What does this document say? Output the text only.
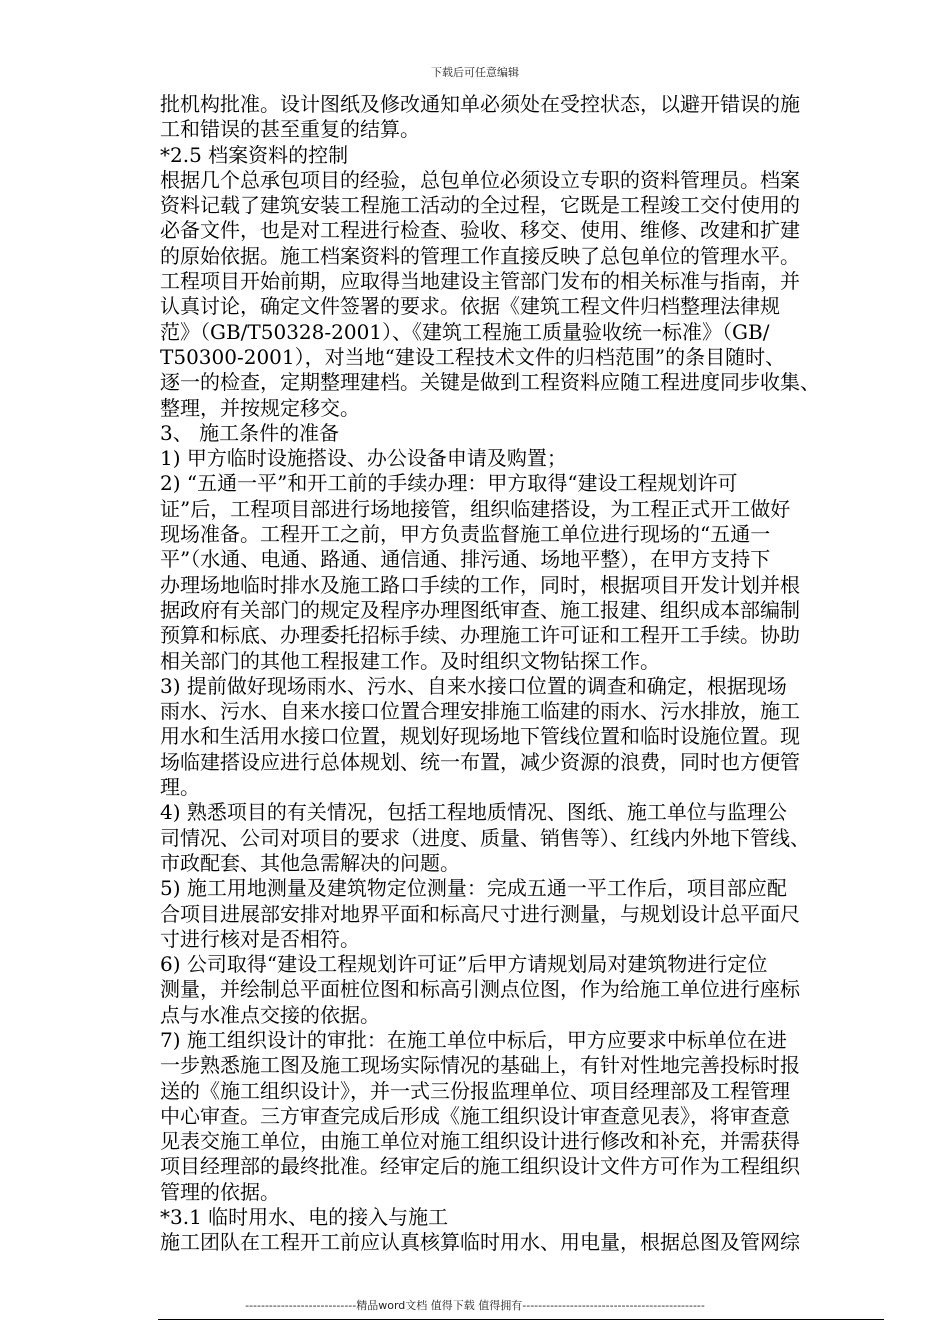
下载后可任意编辑
批机构批准。设计图纸及修改通知单必须处在受控状态，以避开错误的施
工和错误的甚至重复的结算。
*2.5 档案资料的控制
根据几个总承包项目的经验，总包单位必须设立专职的资料管理员。档案
资料记载了建筑安装工程施工活动的全过程，它既是工程竣工交付使用的
必备文件，也是对工程进行检查、验收、移交、使用、维修、改建和扩建
的原始依据。施工档案资料的管理工作直接反映了总包单位的管理水平。
工程项目开始前期，应取得当地建设主管部门发布的相关标准与指南，并
认真讨论，确定文件签署的要求。依据《建筑工程文件归档整理法律规
范》（GB/T50328-2001）、《建筑工程施工质量验收统一标准》（GB/
T50300-2001），对当地“建设工程技术文件的归档范围”的条目随时、
逐一的检查，定期整理建档。关键是做到工程资料应随工程进度同步收集、
整理，并按规定移交。
3、 施工条件的准备
1) 甲方临时设施搭设、办公设备申请及购置；
2) “五通一平”和开工前的手续办理：甲方取得“建设工程规划许可
证”后，工程项目部进行场地接管，组织临建搭设，为工程正式开工做好
现场准备。工程开工之前，甲方负责监督施工单位进行现场的“五通一
平”（水通、电通、路通、通信通、排污通、场地平整），在甲方支持下
办理场地临时排水及施工路口手续的工作，同时，根据项目开发计划并根
据政府有关部门的规定及程序办理图纸审查、施工报建、组织成本部编制
预算和标底、办理委托招标手续、办理施工许可证和工程开工手续。协助
相关部门的其他工程报建工作。及时组织文物钻探工作。
3) 提前做好现场雨水、污水、自来水接口位置的调查和确定，根据现场
雨水、污水、自来水接口位置合理安排施工临建的雨水、污水排放，施工
用水和生活用水接口位置，规划好现场地下管线位置和临时设施位置。现
场临建搭设应进行总体规划、统一布置，减少资源的浪费，同时也方便管
理。
4) 熟悉项目的有关情况，包括工程地质情况、图纸、施工单位与监理公
司情况、公司对项目的要求（进度、质量、销售等）、红线内外地下管线、
市政配套、其他急需解决的问题。
5) 施工用地测量及建筑物定位测量：完成五通一平工作后，项目部应配
合项目进展部安排对地界平面和标高尺寸进行测量，与规划设计总平面尺
寸进行核对是否相符。
6) 公司取得“建设工程规划许可证”后甲方请规划局对建筑物进行定位
测量，并绘制总平面桩位图和标高引测点位图，作为给施工单位进行座标
点与水准点交接的依据。
7) 施工组织设计的审批：在施工单位中标后，甲方应要求中标单位在进
一步熟悉施工图及施工现场实际情况的基础上，有针对性地完善投标时报
送的《施工组织设计》，并一式三份报监理单位、项目经理部及工程管理
中心审查。三方审查完成后形成《施工组织设计审查意见表》，将审查意
见表交施工单位，由施工单位对施工组织设计进行修改和补充，并需获得
项目经理部的最终批准。经审定后的施工组织设计文件方可作为工程组织
管理的依据。
*3.1 临时用水、电的接入与施工
施工团队在工程开工前应认真核算临时用水、用电量，根据总图及管网综
----------------------------精品word文档 值得下载 值得拥有----------------------------------------------
